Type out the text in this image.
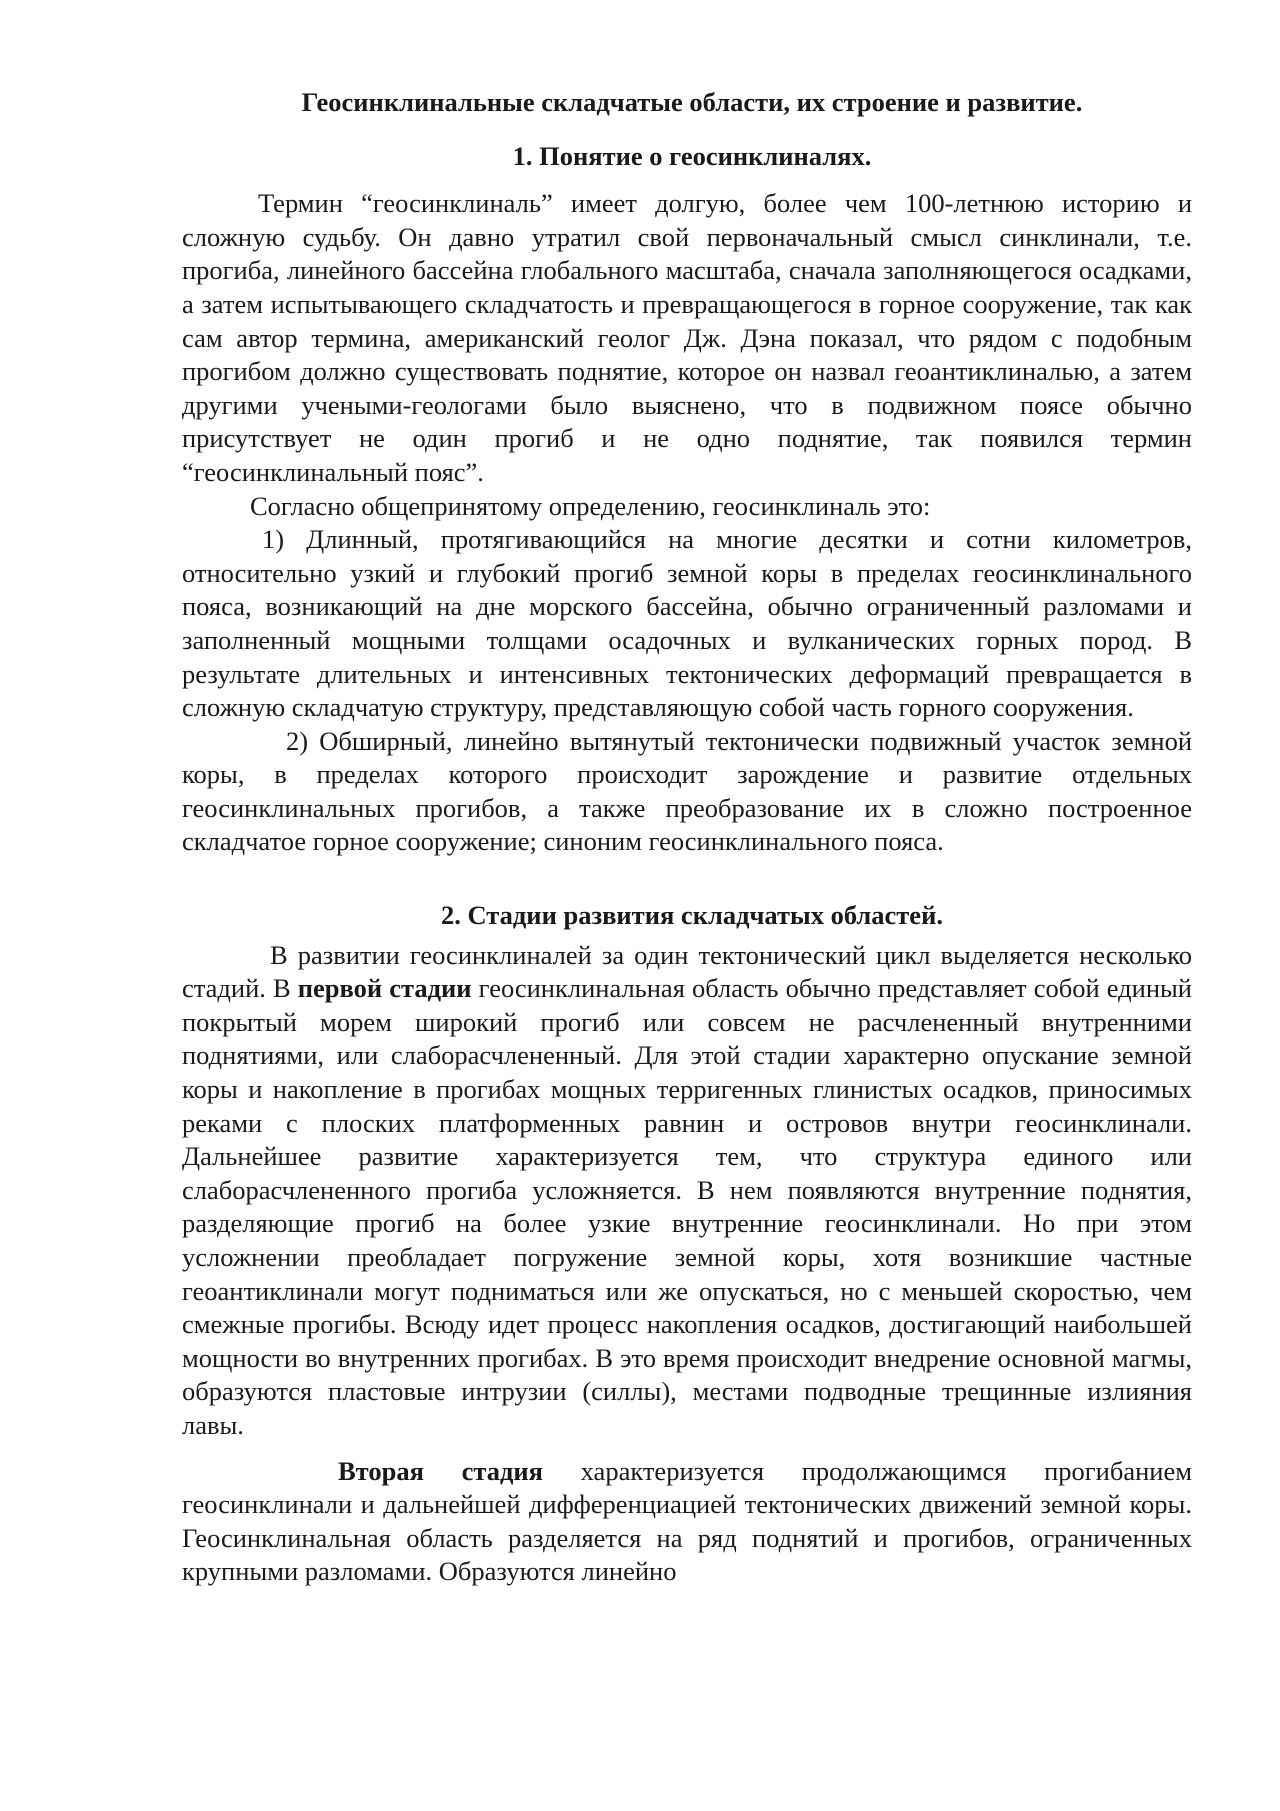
Геосинклинальные складчатые области, их строение и развитие.
1. Понятие о геосинклиналях.

Термин “геосинклиналь” имеет долгую, более чем 100-летнюю историю и сложную судьбу. Он давно утратил свой первоначальный смысл синклинали, т.е. прогиба, линейного бассейна глобального масштаба, сначала заполняющегося осадками, а затем испытывающего складчатость и превращающегося в горное сооружение, так как сам автор термина, американский геолог Дж. Дэна показал, что рядом с подобным прогибом должно существовать поднятие, которое он назвал геоантиклиналью, а затем другими учеными-геологами было выяснено, что в подвижном поясе обычно присутствует не один прогиб и не одно поднятие, так появился термин “геосинклинальный пояс”.

Согласно общепринятому определению, геосинклиналь это:

1) Длинный, протягивающийся на многие десятки и сотни километров, относительно узкий и глубокий прогиб земной коры в пределах геосинклинального пояса, возникающий на дне морского бассейна, обычно ограниченный разломами и заполненный мощными толщами осадочных и вулканических горных пород. В результате длительных и интенсивных тектонических деформаций превращается в сложную складчатую структуру, представляющую собой часть горного сооружения.

2) Обширный, линейно вытянутый тектонически подвижный участок земной коры, в пределах которого происходит зарождение и развитие отдельных геосинклинальных прогибов, а также преобразование их в сложно построенное складчатое горное сооружение; синоним геосинклинального пояса.

2. Стадии развития складчатых областей.

В развитии геосинклиналей за один тектонический цикл выделяется несколько стадий. В первой стадии геосинклинальная область обычно представляет собой единый покрытый морем широкий прогиб или совсем не расчлененный внутренними поднятиями, или слаборасчлененный. Для этой стадии характерно опускание земной коры и накопление в прогибах мощных терригенных глинистых осадков, приносимых реками с плоских платформенных равнин и островов внутри геосинклинали. Дальнейшее развитие характеризуется тем, что структура единого или слаборасчлененного прогиба усложняется. В нем появляются внутренние поднятия, разделяющие прогиб на более узкие внутренние геосинклинали. Но при этом усложнении преобладает погружение земной коры, хотя возникшие частные геоантиклинали могут подниматься или же опускаться, но с меньшей скоростью, чем смежные прогибы. Всюду идет процесс накопления осадков, достигающий наибольшей мощности во внутренних прогибах. В это время происходит внедрение основной магмы, образуются пластовые интрузии (силлы), местами подводные трещинные излияния лавы.

Вторая стадия характеризуется продолжающимся прогибанием геосинклинали и дальнейшей дифференциацией тектонических движений земной коры. Геосинклинальная область разделяется на ряд поднятий и прогибов, ограниченных крупными разломами. Образуются линейно
